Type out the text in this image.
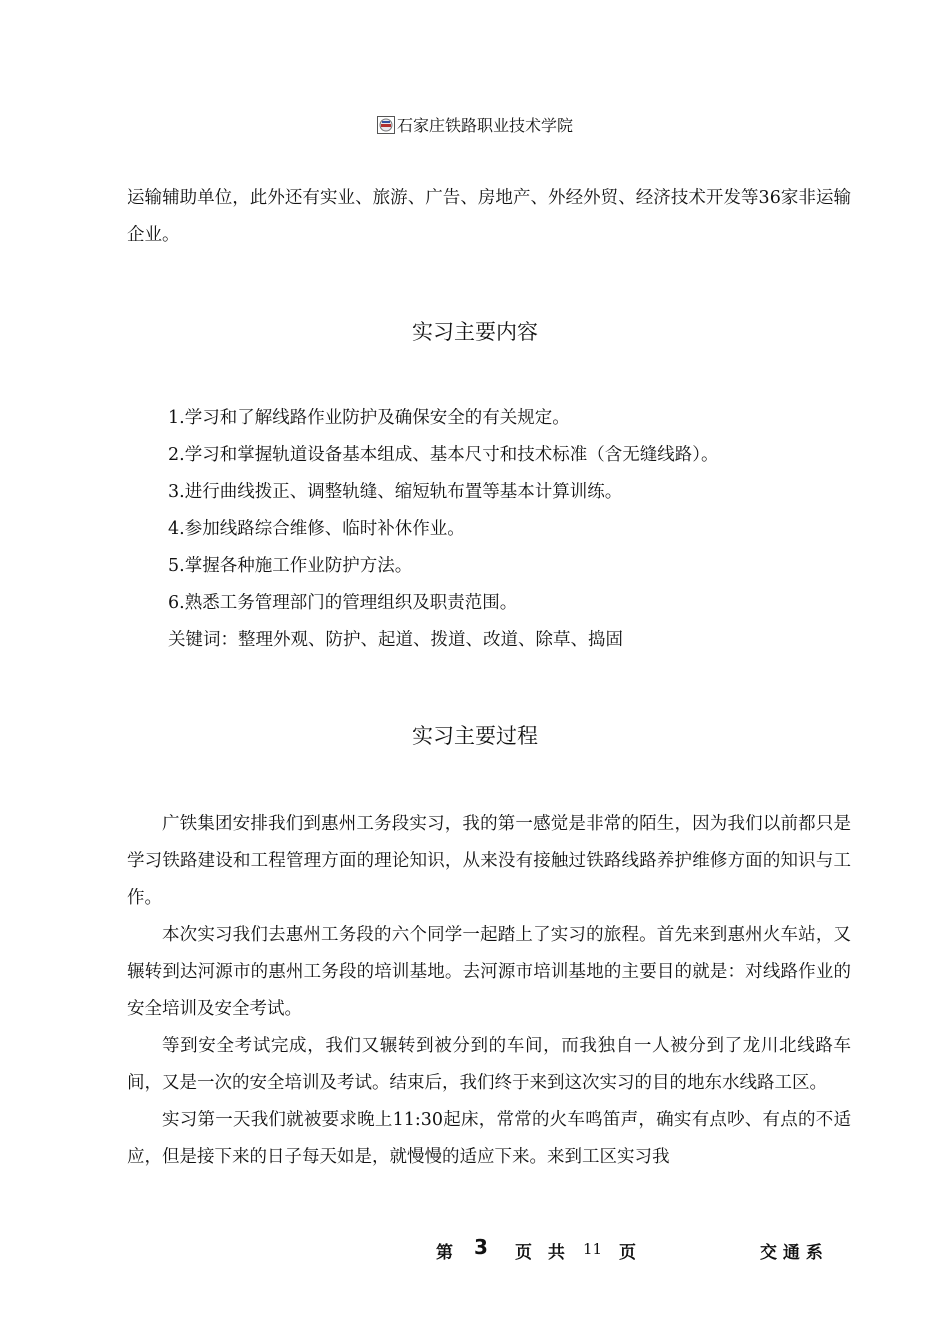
石家庄铁路职业技术学院

运输辅助单位，此外还有实业、旅游、广告、房地产、外经外贸、经济技术开发等36家非运输企业。

实习主要内容
1.学习和了解线路作业防护及确保安全的有关规定。
2.学习和掌握轨道设备基本组成、基本尺寸和技术标准（含无缝线路）。
3.进行曲线拨正、调整轨缝、缩短轨布置等基本计算训练。
4.参加线路综合维修、临时补休作业。
5.掌握各种施工作业防护方法。
6.熟悉工务管理部门的管理组织及职责范围。
关键词：整理外观、防护、起道、拨道、改道、除草、捣固
实习主要过程

广铁集团安排我们到惠州工务段实习，我的第一感觉是非常的陌生，因为我们以前都只是学习铁路建设和工程管理方面的理论知识，从来没有接触过铁路线路养护维修方面的知识与工作。

本次实习我们去惠州工务段的六个同学一起踏上了实习的旅程。首先来到惠州火车站，又辗转到达河源市的惠州工务段的培训基地。去河源市培训基地的主要目的就是：对线路作业的安全培训及安全考试。

等到安全考试完成，我们又辗转到被分到的车间，而我独自一人被分到了龙川北线路车间，又是一次的安全培训及考试。结束后，我们终于来到这次实习的目的地东水线路工区。

实习第一天我们就被要求晚上11:30起床，常常的火车鸣笛声，确实有点吵、有点的不适应，但是接下来的日子每天如是，就慢慢的适应下来。来到工区实习我

第 3 页 共 11 页	交 通 系
